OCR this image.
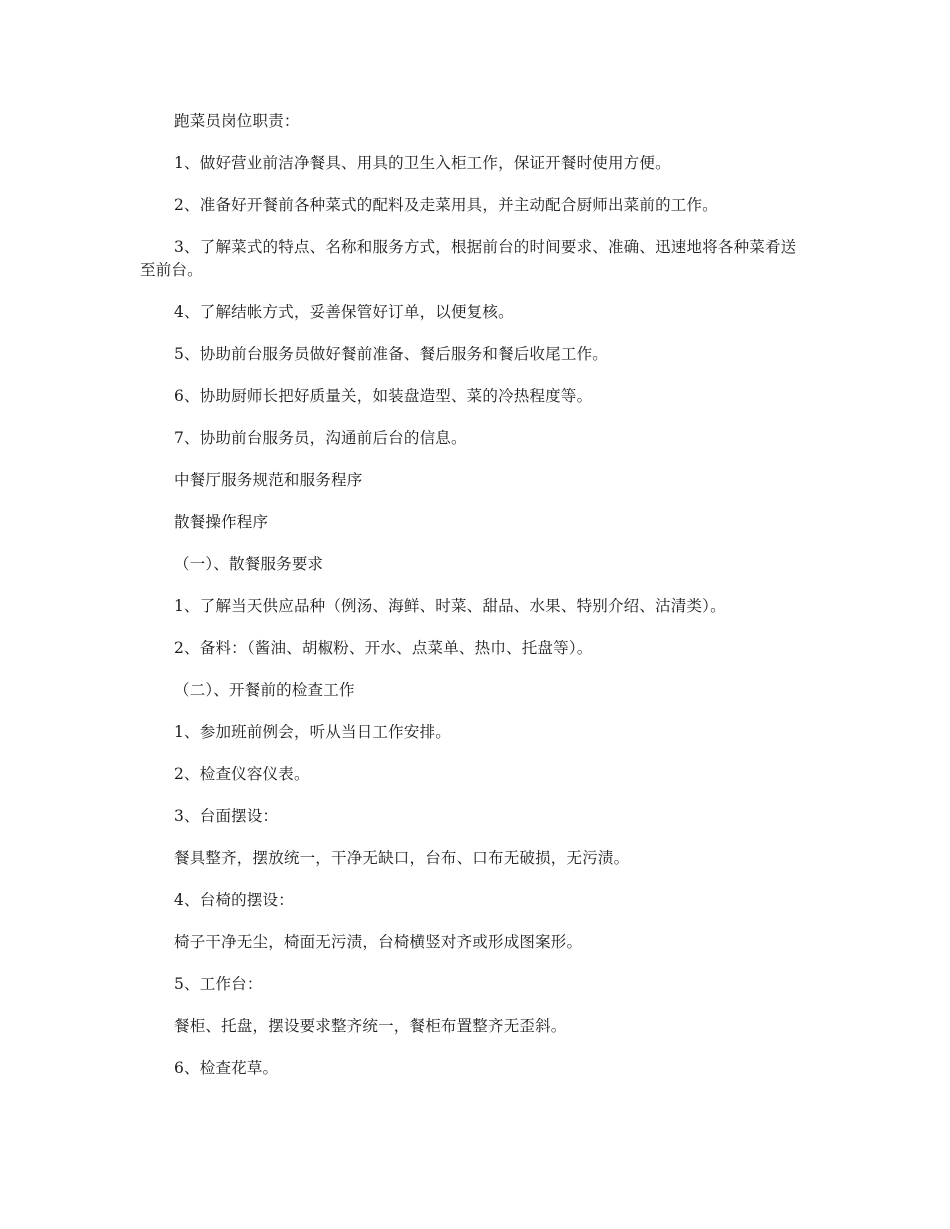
跑菜员岗位职责：

1、做好营业前洁净餐具、用具的卫生入柜工作，保证开餐时使用方便。

2、准备好开餐前各种菜式的配料及走菜用具，并主动配合厨师出菜前的工作。

3、了解菜式的特点、名称和服务方式，根据前台的时间要求、准确、迅速地将各种菜肴送至前台。

4、了解结帐方式，妥善保管好订单，以便复核。

5、协助前台服务员做好餐前准备、餐后服务和餐后收尾工作。

6、协助厨师长把好质量关，如装盘造型、菜的冷热程度等。

7、协助前台服务员，沟通前后台的信息。

中餐厅服务规范和服务程序

散餐操作程序

（一）、散餐服务要求

1、了解当天供应品种（例汤、海鲜、时菜、甜品、水果、特别介绍、沽清类）。

2、备料：（酱油、胡椒粉、开水、点菜单、热巾、托盘等）。

（二）、开餐前的检查工作

1、参加班前例会，听从当日工作安排。

2、检查仪容仪表。

3、台面摆设：

餐具整齐，摆放统一，干净无缺口，台布、口布无破损，无污渍。

4、台椅的摆设：

椅子干净无尘，椅面无污渍，台椅横竖对齐或形成图案形。

5、工作台：

餐柜、托盘，摆设要求整齐统一，餐柜布置整齐无歪斜。

6、检查花草。
